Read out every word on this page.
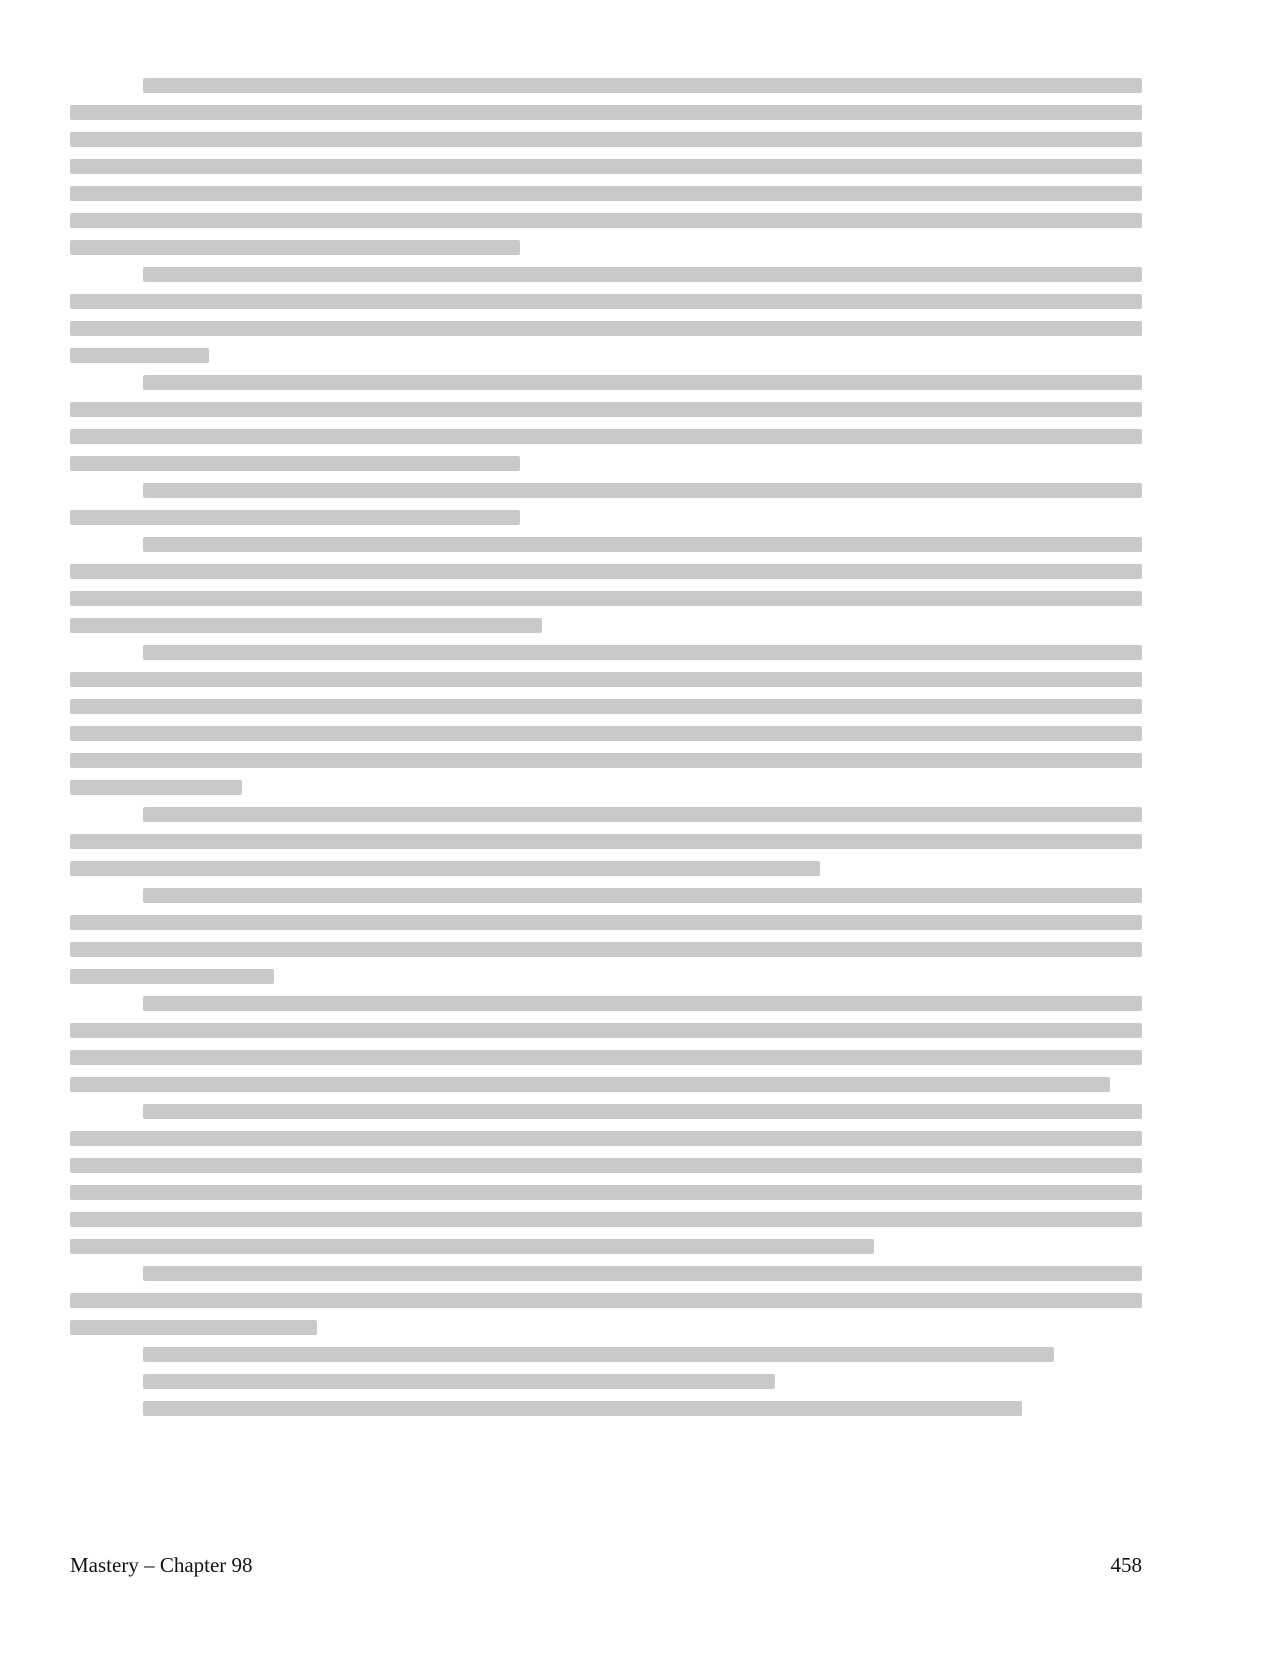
Mastery – Chapter 98	458
